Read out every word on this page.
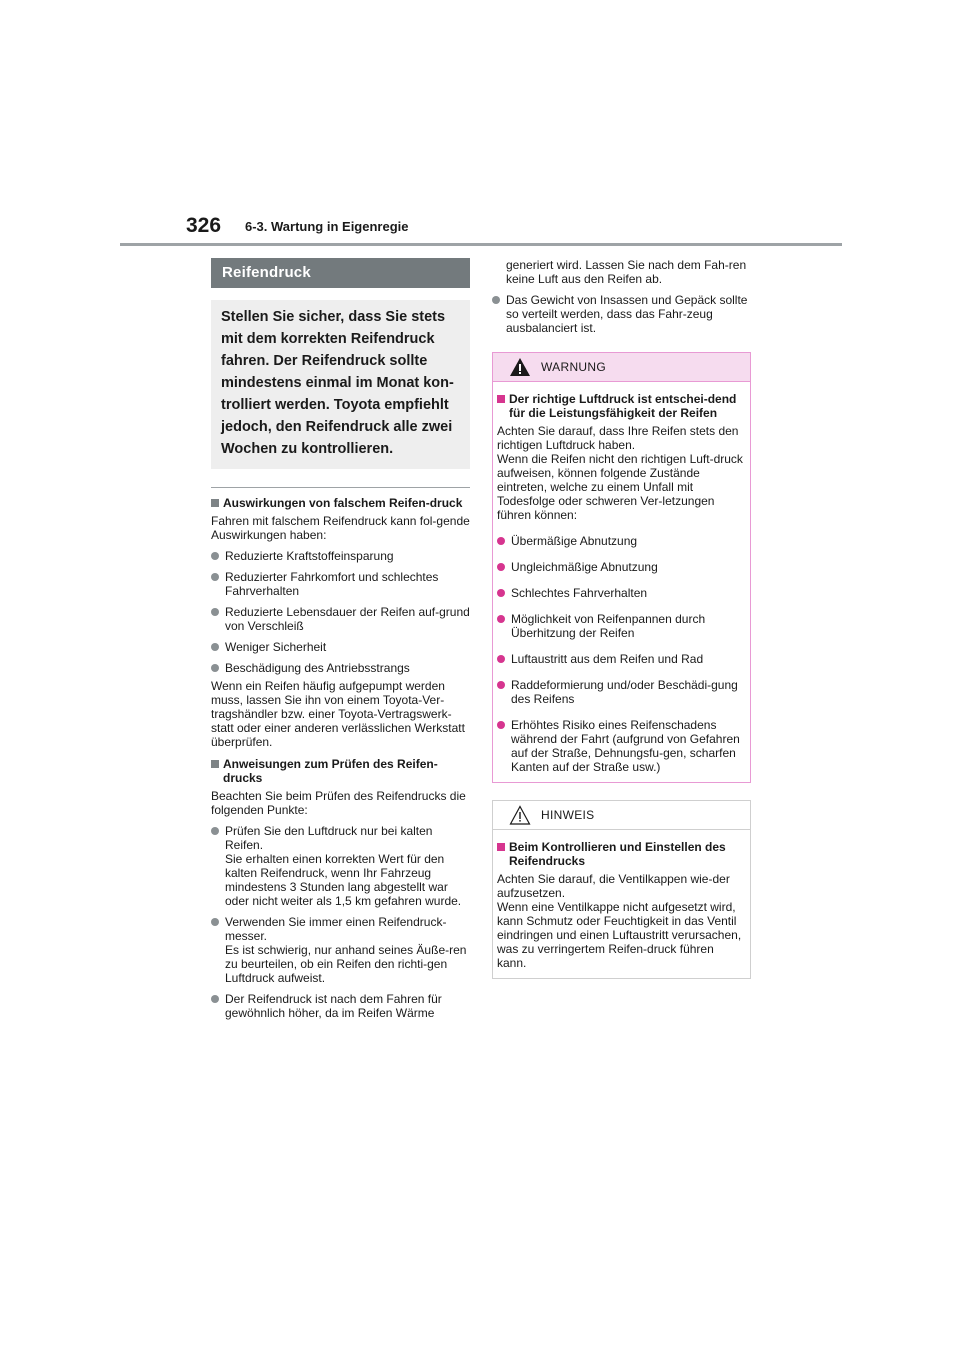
326 6-3. Wartung in Eigenregie
Reifendruck
Stellen Sie sicher, dass Sie stets mit dem korrekten Reifendruck fahren. Der Reifendruck sollte mindestens einmal im Monat kon-trolliert werden. Toyota empfiehlt jedoch, den Reifendruck alle zwei Wochen zu kontrollieren.
Auswirkungen von falschem Reifen-druck
Fahren mit falschem Reifendruck kann fol-gende Auswirkungen haben:
Reduzierte Kraftstoffeinsparung
Reduzierter Fahrkomfort und schlechtes Fahrverhalten
Reduzierte Lebensdauer der Reifen auf-grund von Verschleiß
Weniger Sicherheit
Beschädigung des Antriebsstrangs
Wenn ein Reifen häufig aufgepumpt werden muss, lassen Sie ihn von einem Toyota-Ver-tragshändler bzw. einer Toyota-Vertragswerk-statt oder einer anderen verlässlichen Werkstatt überprüfen.
Anweisungen zum Prüfen des Reifen-drucks
Beachten Sie beim Prüfen des Reifendrucks die folgenden Punkte:
Prüfen Sie den Luftdruck nur bei kalten Reifen.
Sie erhalten einen korrekten Wert für den kalten Reifendruck, wenn Ihr Fahrzeug mindestens 3 Stunden lang abgestellt war oder nicht weiter als 1,5 km gefahren wurde.
Verwenden Sie immer einen Reifendruck-messer.
Es ist schwierig, nur anhand seines Äuße-ren zu beurteilen, ob ein Reifen den richti-gen Luftdruck aufweist.
Der Reifendruck ist nach dem Fahren für gewöhnlich höher, da im Reifen Wärme
generiert wird. Lassen Sie nach dem Fah-ren keine Luft aus den Reifen ab.
Das Gewicht von Insassen und Gepäck sollte so verteilt werden, dass das Fahr-zeug ausbalanciert ist.
WARNUNG
Der richtige Luftdruck ist entschei-dend für die Leistungsfähigkeit der Reifen
Achten Sie darauf, dass Ihre Reifen stets den richtigen Luftdruck haben.
Wenn die Reifen nicht den richtigen Luft-druck aufweisen, können folgende Zustände eintreten, welche zu einem Unfall mit Todesfolge oder schweren Ver-letzungen führen können:
Übermäßige Abnutzung
Ungleichmäßige Abnutzung
Schlechtes Fahrverhalten
Möglichkeit von Reifenpannen durch Überhitzung der Reifen
Luftaustritt aus dem Reifen und Rad
Raddeformierung und/oder Beschädi-gung des Reifens
Erhöhtes Risiko eines Reifenschadens während der Fahrt (aufgrund von Gefahren auf der Straße, Dehnungsfu-gen, scharfen Kanten auf der Straße usw.)
HINWEIS
Beim Kontrollieren und Einstellen des Reifendrucks
Achten Sie darauf, die Ventilkappen wie-der aufzusetzen.
Wenn eine Ventilkappe nicht aufgesetzt wird, kann Schmutz oder Feuchtigkeit in das Ventil eindringen und einen Luftaustritt verursachen, was zu verringertem Reifen-druck führen kann.
